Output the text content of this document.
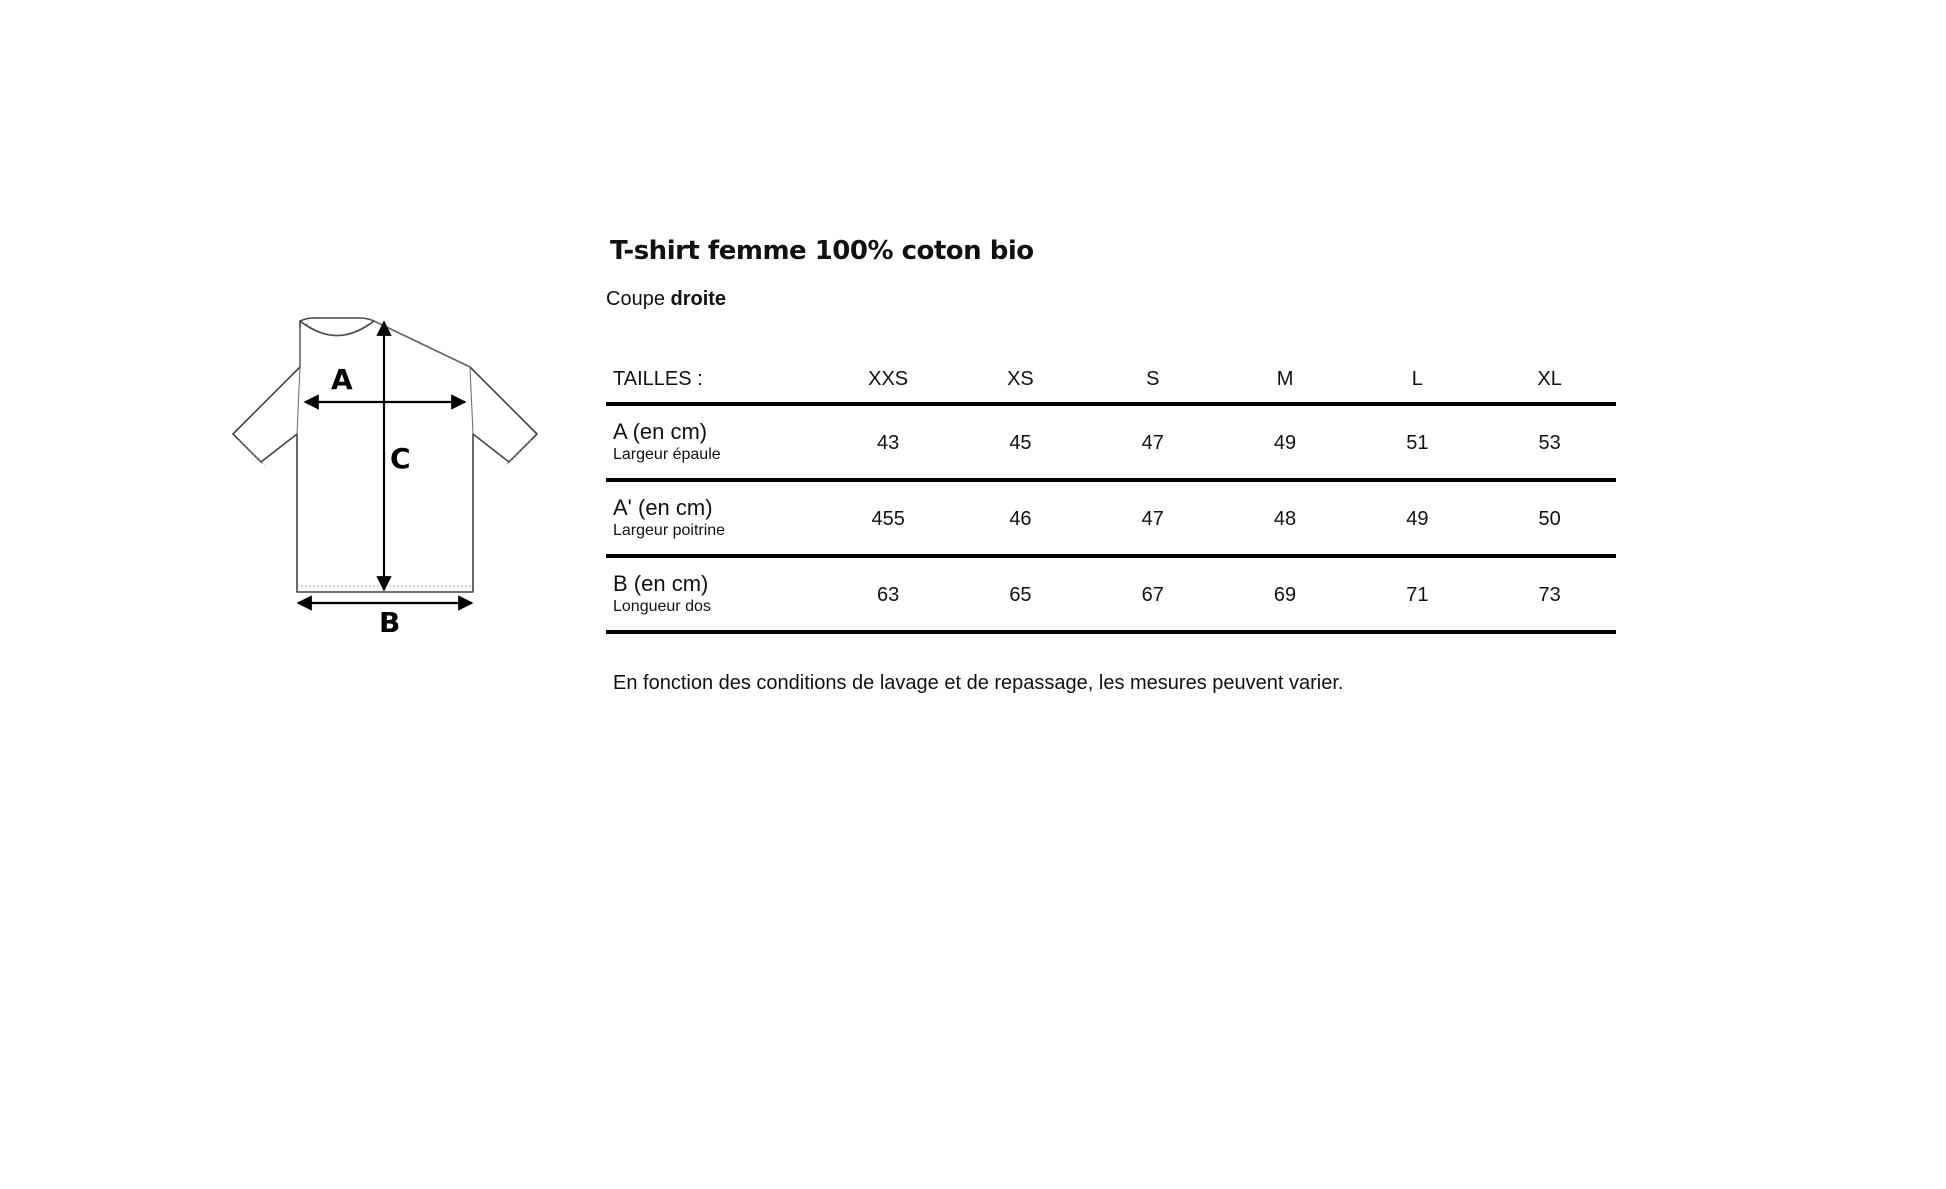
A
C
B
T-shirt femme 100% coton bio
Coupe droite
TAILLES :	XXS	XS	S	M	L	XL
A (en cm)
Largeur épaule
43	45	47	49	51	53
A' (en cm)
Largeur poitrine
455	46	47	48	49	50
B (en cm)
Longueur dos
63	65	67	69	71	73
En fonction des conditions de lavage et de repassage, les mesures peuvent varier.
